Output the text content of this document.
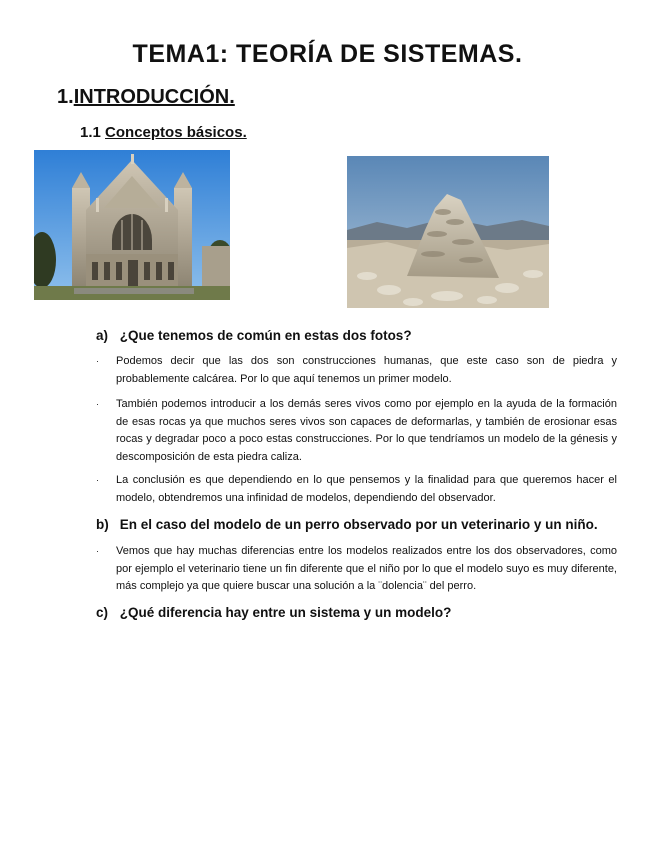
TEMA1: TEORÍA DE SISTEMAS.
1.INTRODUCCIÓN.
1.1 Conceptos básicos.

a) ¿Que tenemos de común en estas dos fotos?

· Podemos decir que las dos son construcciones humanas, que este caso son de piedra y probablemente calcárea. Por lo que aquí tenemos un primer modelo.
· También podemos introducir a los demás seres vivos como por ejemplo en la ayuda de la formación de esas rocas ya que muchos seres vivos son capaces de deformarlas, y también de erosionar esas rocas y degradar poco a poco estas construcciones. Por lo que tendríamos un modelo de la génesis y descomposición de esta piedra caliza.
· La conclusión es que dependiendo en lo que pensemos y la finalidad para que queremos hacer el modelo, obtendremos una infinidad de modelos, dependiendo del observador.

b) En el caso del modelo de un perro observado por un veterinario y un niño.

· Vemos que hay muchas diferencias entre los modelos realizados entre los dos observadores, como por ejemplo el veterinario tiene un fin diferente que el niño por lo que el modelo suyo es muy diferente, más complejo ya que quiere buscar una solución a la ¨dolencia¨ del perro.

c) ¿Qué diferencia hay entre un sistema y un modelo?
